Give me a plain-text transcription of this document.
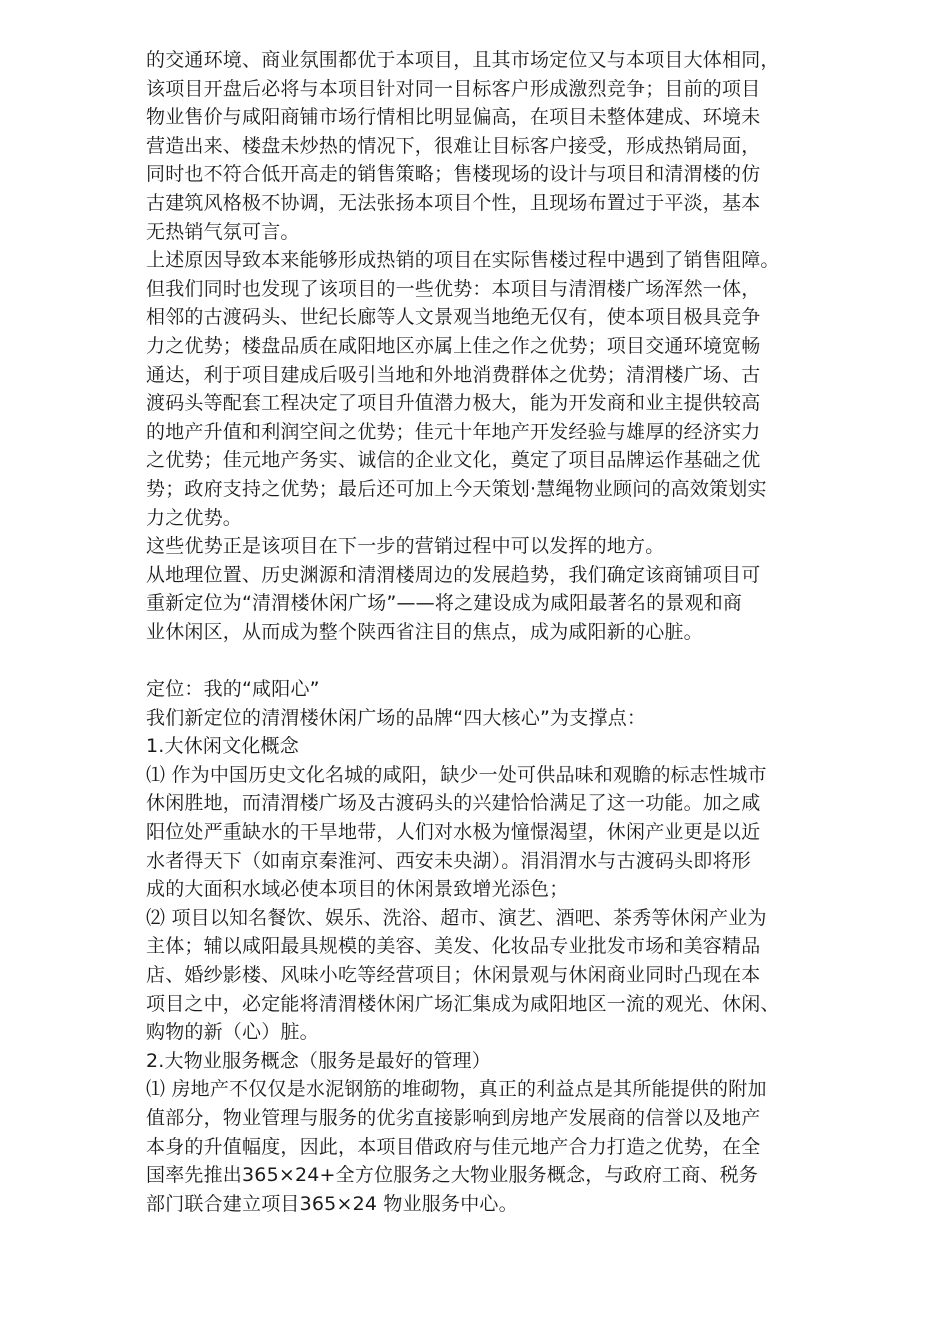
的交通环境、商业氛围都优于本项目，且其市场定位又与本项目大体相同，
该项目开盘后必将与本项目针对同一目标客户形成激烈竞争；目前的项目
物业售价与咸阳商铺市场行情相比明显偏高，在项目未整体建成、环境未
营造出来、楼盘未炒热的情况下，很难让目标客户接受，形成热销局面，
同时也不符合低开高走的销售策略；售楼现场的设计与项目和清渭楼的仿
古建筑风格极不协调，无法张扬本项目个性，且现场布置过于平淡，基本
无热销气氛可言。
上述原因导致本来能够形成热销的项目在实际售楼过程中遇到了销售阻障。
但我们同时也发现了该项目的一些优势：本项目与清渭楼广场浑然一体，
相邻的古渡码头、世纪长廊等人文景观当地绝无仅有，使本项目极具竞争
力之优势；楼盘品质在咸阳地区亦属上佳之作之优势；项目交通环境宽畅
通达，利于项目建成后吸引当地和外地消费群体之优势；清渭楼广场、古
渡码头等配套工程决定了项目升值潜力极大，能为开发商和业主提供较高
的地产升值和利润空间之优势；佳元十年地产开发经验与雄厚的经济实力
之优势；佳元地产务实、诚信的企业文化，奠定了项目品牌运作基础之优
势；政府支持之优势；最后还可加上今天策划·慧绳物业顾问的高效策划实
力之优势。
这些优势正是该项目在下一步的营销过程中可以发挥的地方。
从地理位置、历史渊源和清渭楼周边的发展趋势，我们确定该商铺项目可
重新定位为“清渭楼休闲广场”——将之建设成为咸阳最著名的景观和商
业休闲区，从而成为整个陕西省注目的焦点，成为咸阳新的心脏。
定位：我的“咸阳心”
我们新定位的清渭楼休闲广场的品牌“四大核心”为支撑点：
1.大休闲文化概念
⑴ 作为中国历史文化名城的咸阳，缺少一处可供品味和观瞻的标志性城市
休闲胜地，而清渭楼广场及古渡码头的兴建恰恰满足了这一功能。加之咸
阳位处严重缺水的干旱地带，人们对水极为憧憬渴望，休闲产业更是以近
水者得天下（如南京秦淮河、西安未央湖）。涓涓渭水与古渡码头即将形
成的大面积水域必使本项目的休闲景致增光添色；
⑵ 项目以知名餐饮、娱乐、洗浴、超市、演艺、酒吧、茶秀等休闲产业为
主体；辅以咸阳最具规模的美容、美发、化妆品专业批发市场和美容精品
店、婚纱影楼、风味小吃等经营项目；休闲景观与休闲商业同时凸现在本
项目之中，必定能将清渭楼休闲广场汇集成为咸阳地区一流的观光、休闲、
购物的新（心）脏。
2.大物业服务概念（服务是最好的管理）
⑴ 房地产不仅仅是水泥钢筋的堆砌物，真正的利益点是其所能提供的附加
值部分，物业管理与服务的优劣直接影响到房地产发展商的信誉以及地产
本身的升值幅度，因此，本项目借政府与佳元地产合力打造之优势，在全
国率先推出365×24+全方位服务之大物业服务概念，与政府工商、税务
部门联合建立项目365×24 物业服务中心。
